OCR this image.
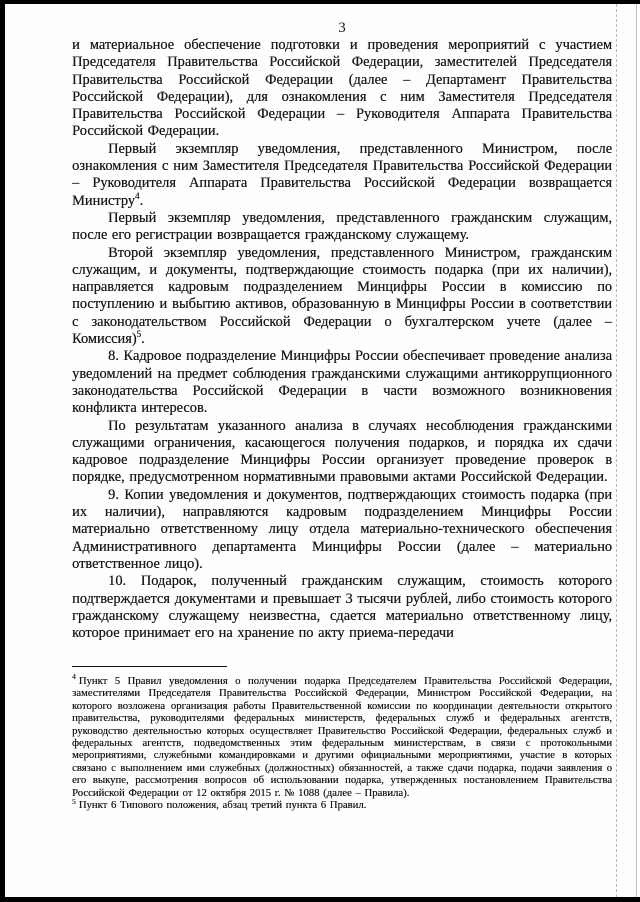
3

и материальное обеспечение подготовки и проведения мероприятий с участием Председателя Правительства Российской Федерации, заместителей Председателя Правительства Российской Федерации (далее – Департамент Правительства Российской Федерации), для ознакомления с ним Заместителя Председателя Правительства Российской Федерации – Руководителя Аппарата Правительства Российской Федерации.

Первый экземпляр уведомления, представленного Министром, после ознакомления с ним Заместителя Председателя Правительства Российской Федерации – Руководителя Аппарата Правительства Российской Федерации возвращается Министру$^4$.

Первый экземпляр уведомления, представленного гражданским служащим, после его регистрации возвращается гражданскому служащему.

Второй экземпляр уведомления, представленного Министром, гражданским служащим, и документы, подтверждающие стоимость подарка (при их наличии), направляется кадровым подразделением Минцифры России в комиссию по поступлению и выбытию активов, образованную в Минцифры России в соответствии с законодательством Российской Федерации о бухгалтерском учете (далее – Комиссия)$^5$.

8. Кадровое подразделение Минцифры России обеспечивает проведение анализа уведомлений на предмет соблюдения гражданскими служащими антикоррупционного законодательства Российской Федерации в части возможного возникновения конфликта интересов.

По результатам указанного анализа в случаях несоблюдения гражданскими служащими ограничения, касающегося получения подарков, и порядка их сдачи кадровое подразделение Минцифры России организует проведение проверок в порядке, предусмотренном нормативными правовыми актами Российской Федерации.

9. Копии уведомления и документов, подтверждающих стоимость подарка (при их наличии), направляются кадровым подразделением Минцифры России материально ответственному лицу отдела материально-технического обеспечения Административного департамента Минцифры России (далее – материально ответственное лицо).

10. Подарок, полученный гражданским служащим, стоимость которого подтверждается документами и превышает 3 тысячи рублей, либо стоимость которого гражданскому служащему неизвестна, сдается материально ответственному лицу, которое принимает его на хранение по акту приема-передачи

$^4$ Пункт 5 Правил уведомления о получении подарка Председателем Правительства Российской Федерации, заместителями Председателя Правительства Российской Федерации, Министром Российской Федерации, на которого возложена организация работы Правительственной комиссии по координации деятельности открытого правительства, руководителями федеральных министерств, федеральных служб и федеральных агентств, руководство деятельностью которых осуществляет Правительство Российской Федерации, федеральных служб и федеральных агентств, подведомственных этим федеральным министерствам, в связи с протокольными мероприятиями, служебными командировками и другими официальными мероприятиями, участие в которых связано с выполнением ими служебных (должностных) обязанностей, а также сдачи подарка, подачи заявления о его выкупе, рассмотрения вопросов об использовании подарка, утвержденных постановлением Правительства Российской Федерации от 12 октября 2015 г. № 1088 (далее – Правила).

$^5$ Пункт 6 Типового положения, абзац третий пункта 6 Правил.
